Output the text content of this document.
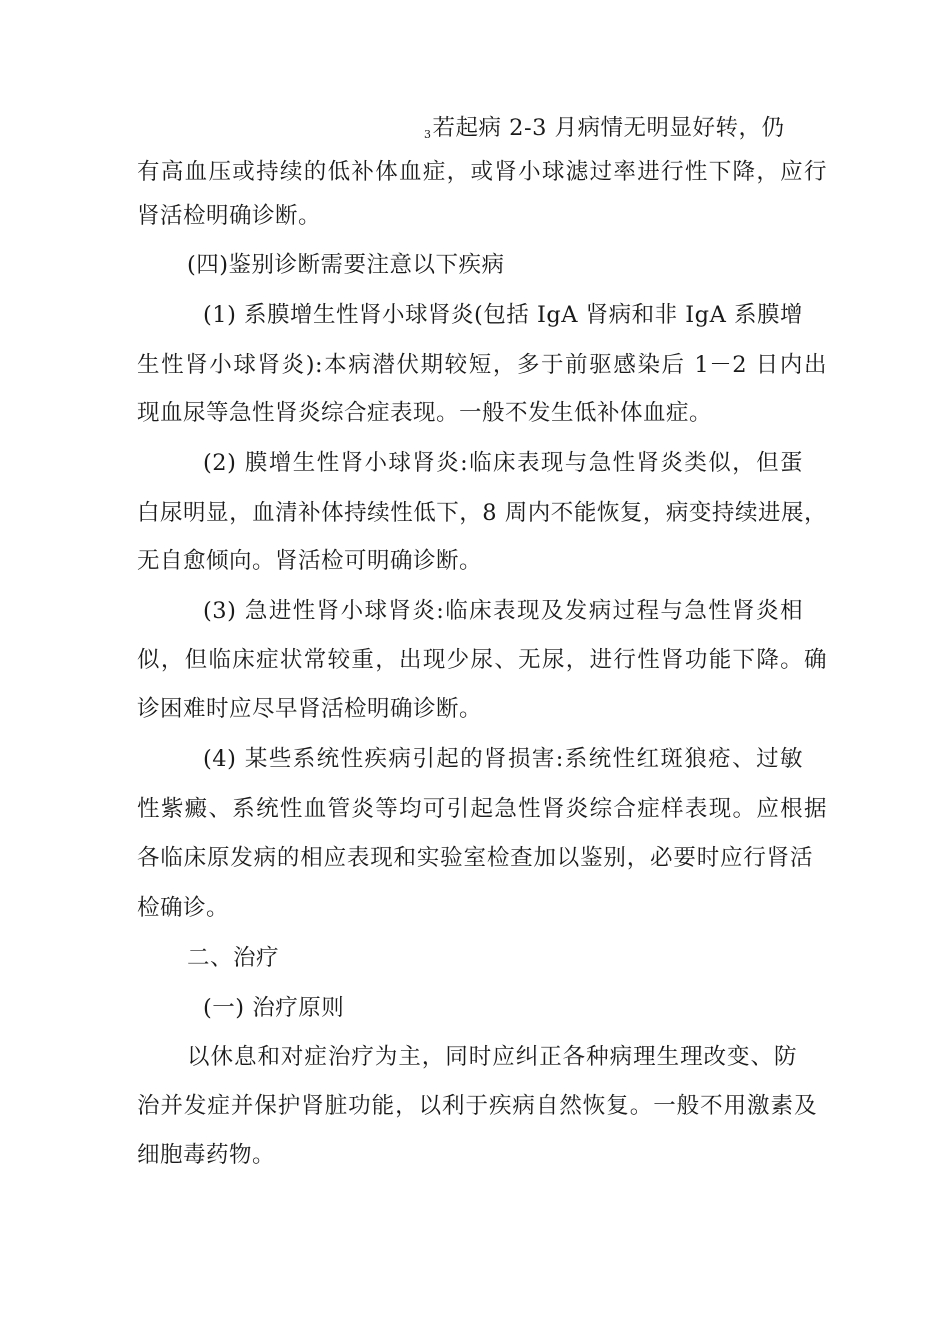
3若起病 2-3 月病情无明显好转，仍
有高血压或持续的低补体血症，或肾小球滤过率进行性下降，应行
肾活检明确诊断。
(四)鉴别诊断需要注意以下疾病
(1) 系膜增生性肾小球肾炎(包括 IgA 肾病和非 IgA 系膜增
生性肾小球肾炎):本病潜伏期较短，多于前驱感染后 1－2 日内出
现血尿等急性肾炎综合症表现。一般不发生低补体血症。
(2) 膜增生性肾小球肾炎:临床表现与急性肾炎类似，但蛋
白尿明显，血清补体持续性低下，8 周内不能恢复，病变持续进展，
无自愈倾向。肾活检可明确诊断。
(3) 急进性肾小球肾炎:临床表现及发病过程与急性肾炎相
似，但临床症状常较重，出现少尿、无尿，进行性肾功能下降。确
诊困难时应尽早肾活检明确诊断。
(4) 某些系统性疾病引起的肾损害:系统性红斑狼疮、过敏
性紫癜、系统性血管炎等均可引起急性肾炎综合症样表现。应根据
各临床原发病的相应表现和实验室检查加以鉴别，必要时应行肾活
检确诊。
二、治疗
(一) 治疗原则
以休息和对症治疗为主，同时应纠正各种病理生理改变、防
治并发症并保护肾脏功能，以利于疾病自然恢复。一般不用激素及
细胞毒药物。
